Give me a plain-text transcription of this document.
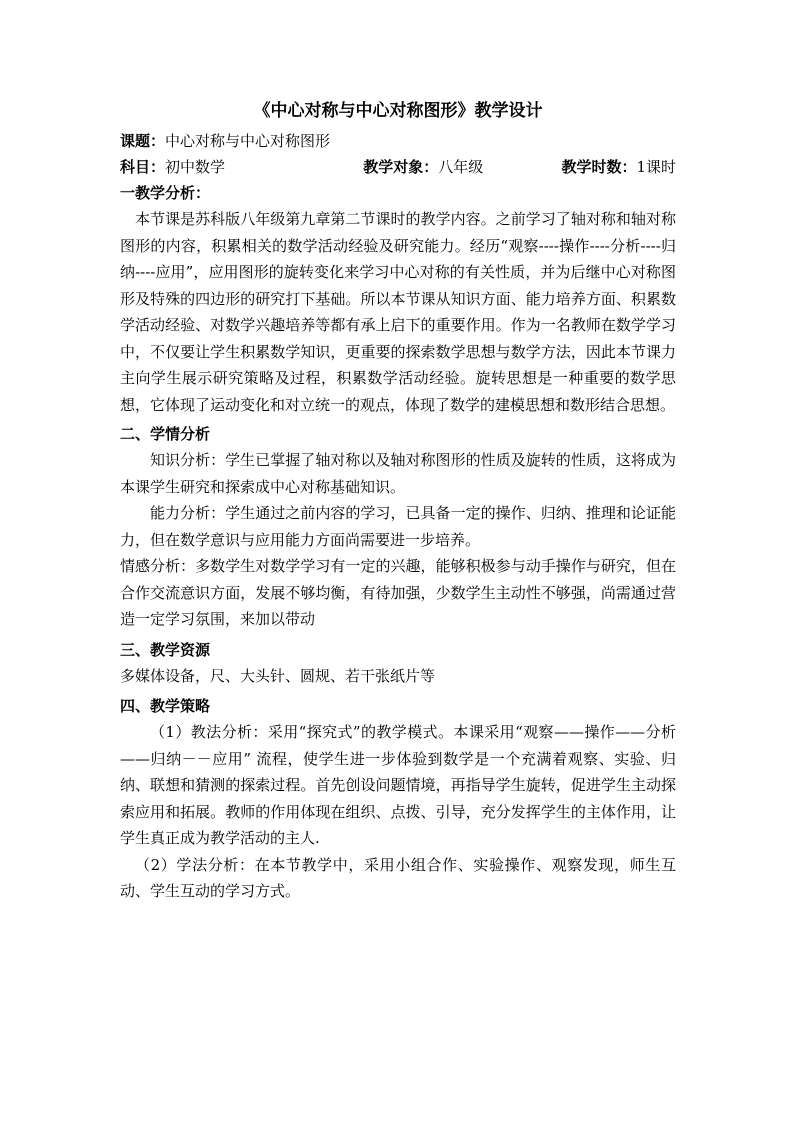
《中心对称与中心对称图形》教学设计
课题：中心对称与中心对称图形
科目：初中数学	教学对象：八年级	教学时数：1课时
一教学分析：

本节课是苏科版八年级第九章第二节课时的教学内容。之前学习了轴对称和轴对称图形的内容，积累相关的数学活动经验及研究能力。经历“观察----操作----分析----归纳----应用”，应用图形的旋转变化来学习中心对称的有关性质，并为后继中心对称图形及特殊的四边形的研究打下基础。所以本节课从知识方面、能力培养方面、积累数学活动经验、对数学兴趣培养等都有承上启下的重要作用。作为一名教师在数学学习中，不仅要让学生积累数学知识，更重要的探索数学思想与数学方法，因此本节课力主向学生展示研究策略及过程，积累数学活动经验。旋转思想是一种重要的数学思想，它体现了运动变化和对立统一的观点，体现了数学的建模思想和数形结合思想。

二、学情分析

知识分析：学生已掌握了轴对称以及轴对称图形的性质及旋转的性质，这将成为本课学生研究和探索成中心对称基础知识。

能力分析：学生通过之前内容的学习，已具备一定的操作、归纳、推理和论证能力，但在数学意识与应用能力方面尚需要进一步培养。

情感分析：多数学生对数学学习有一定的兴趣，能够积极参与动手操作与研究，但在合作交流意识方面，发展不够均衡，有待加强，少数学生主动性不够强，尚需通过营造一定学习氛围，来加以带动

三、教学资源

多媒体设备，尺、大头针、圆规、若干张纸片等

四、教学策略

（1）教法分析：采用“探究式”的教学模式。本课采用“观察——操作——分析——归纳－－应用” 流程，使学生进一步体验到数学是一个充满着观察、实验、归纳、联想和猜测的探索过程。首先创设问题情境，再指导学生旋转，促进学生主动探索应用和拓展。教师的作用体现在组织、点拨、引导，充分发挥学生的主体作用，让学生真正成为教学活动的主人.

（2）学法分析：在本节教学中，采用小组合作、实验操作、观察发现，师生互动、学生互动的学习方式。
